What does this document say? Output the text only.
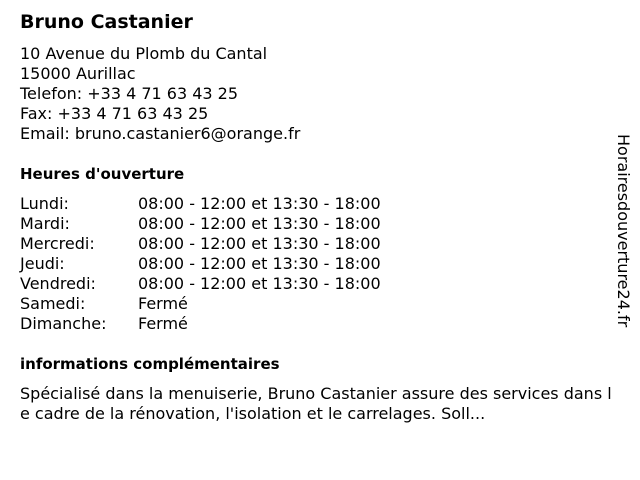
Bruno Castanier
10 Avenue du Plomb du Cantal
15000 Aurillac
Telefon: +33 4 71 63 43 25
Fax: +33 4 71 63 43 25
Email: bruno.castanier6@orange.fr
Heures d'ouverture
Lundi:	08:00 - 12:00 et 13:30 - 18:00
Mardi:	08:00 - 12:00 et 13:30 - 18:00
Mercredi:	08:00 - 12:00 et 13:30 - 18:00
Jeudi:	08:00 - 12:00 et 13:30 - 18:00
Vendredi:	08:00 - 12:00 et 13:30 - 18:00
Samedi:	Fermé
Dimanche:	Fermé
informations complémentaires
Spécialisé dans la menuiserie, Bruno Castanier assure des services dans le cadre de la rénovation, l'isolation et le carrelages. Soll...
Horairesdouverture24.fr
